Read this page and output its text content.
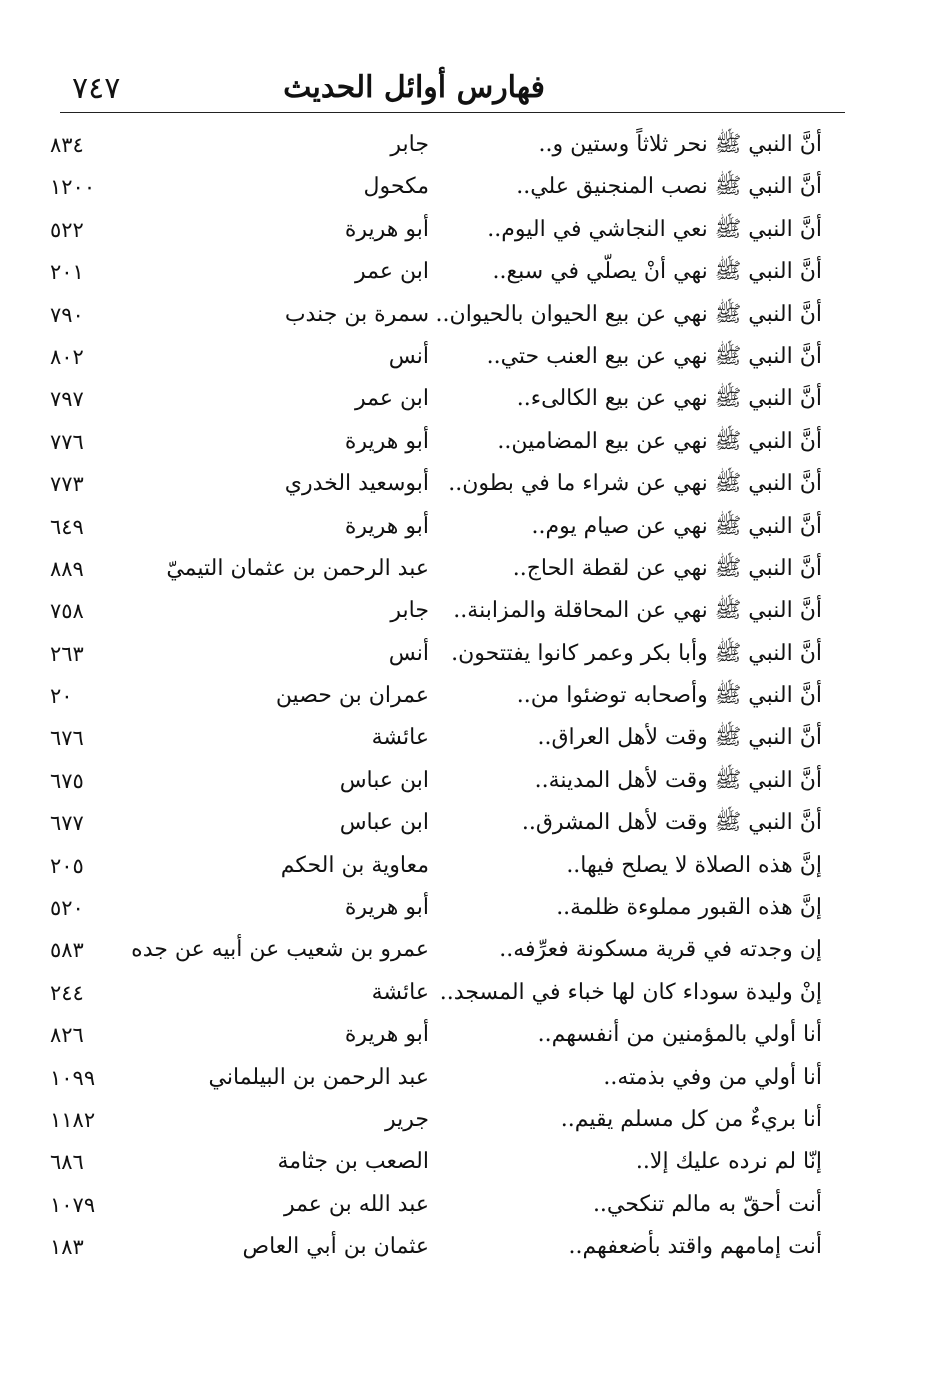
٧٤٧	فهارس أوائل الحديث
أنَّ النبي ﷺ نحر ثلاثاً وستين و..
جابر
٨٣٤
أنَّ النبي ﷺ نصب المنجنيق علي..
مكحول
١٢٠٠
أنَّ النبي ﷺ نعي النجاشي في اليوم..
أبو هريرة
٥٢٢
أنَّ النبي ﷺ نهي أنْ يصلّي في سبع..
ابن عمر
٢٠١
أنَّ النبي ﷺ نهي عن بيع الحيوان بالحيوان..
سمرة بن جندب
٧٩٠
أنَّ النبي ﷺ نهي عن بيع العنب حتي..
أنس
٨٠٢
أنَّ النبي ﷺ نهي عن بيع الكالىء..
ابن عمر
٧٩٧
أنَّ النبي ﷺ نهي عن بيع المضامين..
أبو هريرة
٧٧٦
أنَّ النبي ﷺ نهي عن شراء ما في بطون..
أبوسعيد الخدري
٧٧٣
أنَّ النبي ﷺ نهي عن صيام يوم..
أبو هريرة
٦٤٩
أنَّ النبي ﷺ نهي عن لقطة الحاج..
عبد الرحمن بن عثمان التيميّ
٨٨٩
أنَّ النبي ﷺ نهي عن المحاقلة والمزابنة..
جابر
٧٥٨
أنَّ النبي ﷺ وأبا بكر وعمر كانوا يفتتحون.
أنس
٢٦٣
أنَّ النبي ﷺ وأصحابه توضئوا من..
عمران بن حصين
٢٠
أنَّ النبي ﷺ وقت لأهل العراق..
عائشة
٦٧٦
أنَّ النبي ﷺ وقت لأهل المدينة..
ابن عباس
٦٧٥
أنَّ النبي ﷺ وقت لأهل المشرق..
ابن عباس
٦٧٧
إنَّ هذه الصلاة لا يصلح فيها..
معاوية بن الحكم
٢٠٥
إنَّ هذه القبور مملوءة ظلمة..
أبو هريرة
٥٢٠
إن وجدته في قرية مسكونة فعرِّفه..
عمرو بن شعيب عن أبيه عن جده
٥٨٣
إنْ وليدة سوداء كان لها خباء في المسجد..
عائشة
٢٤٤
أنا أولي بالمؤمنين من أنفسهم..
أبو هريرة
٨٢٦
أنا أولي من وفي بذمته..
عبد الرحمن بن البيلماني
١٠٩٩
أنا بريءٌ من كل مسلم يقيم..
جرير
١١٨٢
إنّا لم نرده عليك إلا..
الصعب بن جثامة
٦٨٦
أنت أحقّ به مالم تنكحي..
عبد الله بن عمر
١٠٧٩
أنت إمامهم واقتد بأضعفهم..
عثمان بن أبي العاص
١٨٣
